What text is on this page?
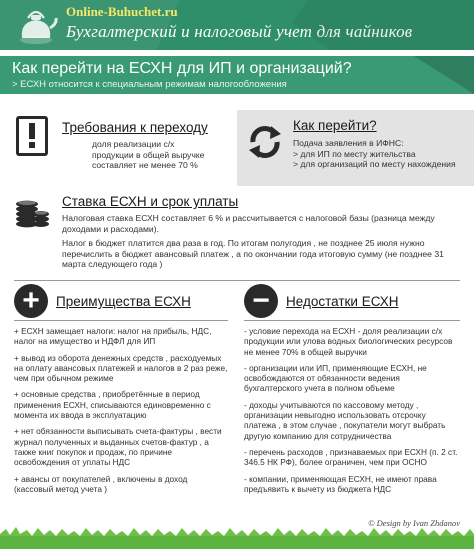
Online-Buhuchet.ru
Бухгалтерский и налоговый учет для чайников
Как перейти на ЕСХН для ИП и организаций?
> ЕСХН относится к специальным режимам налогообложения
Требования к переходу
доля реализации с/х продукции в общей выручке составляет не менее 70 %
Как перейти?
Подача заявления в ИФНС:
> для ИП по месту жительства
> для организаций по месту нахождения
Ставка ЕСХН и срок уплаты
Налоговая ставка ЕСХН составляет 6 % и рассчитывается с налоговой базы (разница между доходами и расходами).
Налог в бюджет платится два раза в год. По итогам полугодия , не позднее 25 июля нужно перечислить в бюджет авансовый платеж , а по окончании года итоговую сумму (не позднее 31 марта следующего года )
+	Преимущества ЕСХН

+ ЕСХН замещает налоги: налог на прибыль, НДС, налог на имущество и НДФЛ для ИП

+ вывод из оборота денежных средств , расходуемых на оплату авансовых платежей и налогов в 2 раз реже, чем при обычном режиме

+ основные средства , приобретённые в период применения ЕСХН, списываются единовременно с момента их ввода в эксплуатацию

+ нет обязанности выписывать счета-фактуры , вести журнал полученных и выданных счетов-фактур , а также книг покупок и продаж, по причине освобождения от уплаты НДС

+ авансы от покупателей , включены в доход (кассовый метод учета )

−	Недостатки ЕСХН

- условие перехода на ЕСХН - доля реализации с/х продукции или улова водных биологических ресурсов не менее 70% в общей выручки

- организации или ИП, применяющие ЕСХН, не освобождаются от обязанности ведения бухгалтерского учета в полном объеме

- доходы учитываются по кассовому методу , организации невыгодно использовать отсрочку платежа , в этом случае , покупатели могут выбрать другую компанию для сотрудничества

- перечень расходов , признаваемых при ЕСХН (п. 2 ст. 346.5 НК РФ), более ограничен, чем при ОСНО

- компании, применяющая ЕСХН, не имеют права предъявить к вычету из бюджета НДС

© Design by Ivan Zhdanov
